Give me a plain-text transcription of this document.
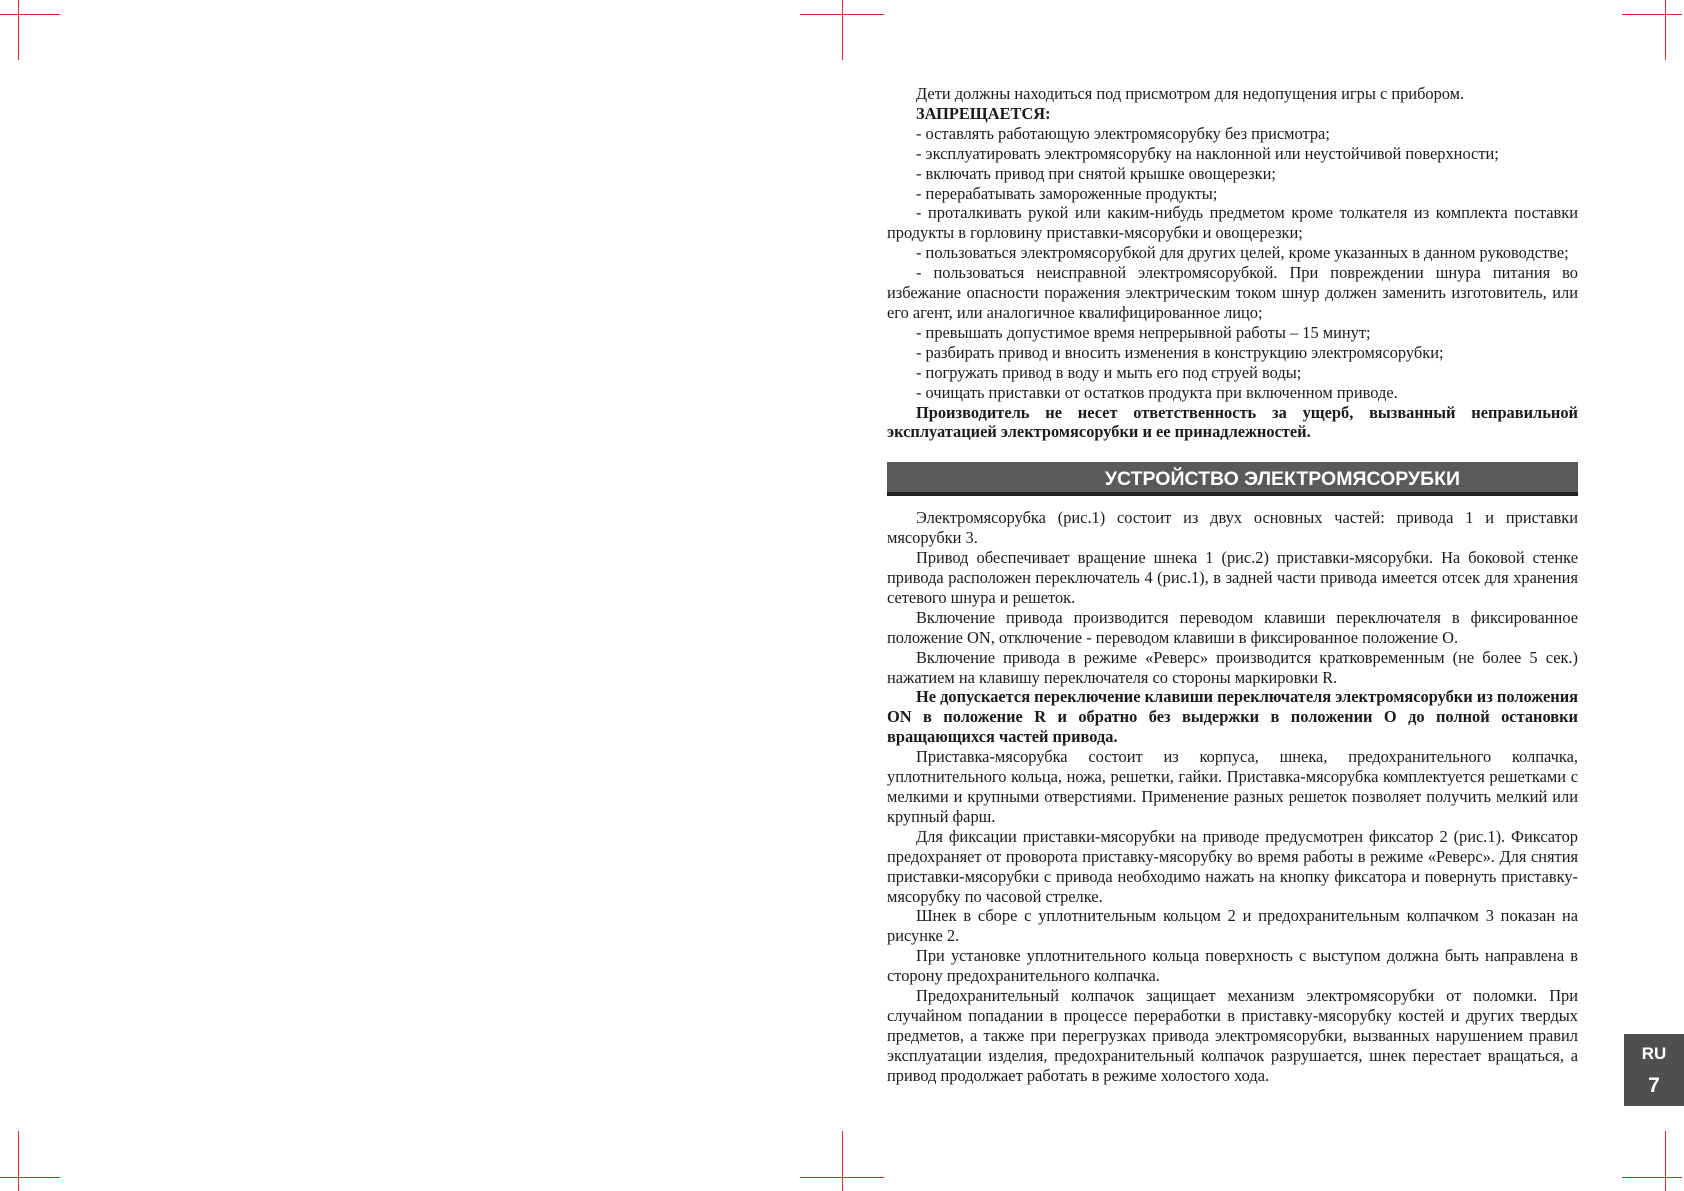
Дети должны находиться под присмотром для недопущения игры с прибором.

ЗАПРЕЩАЕТСЯ:

- оставлять работающую электромясорубку без присмотра;

- эксплуатировать электромясорубку на наклонной или неустойчивой поверхности;

- включать привод при снятой крышке овощерезки;

- перерабатывать замороженные продукты;

- проталкивать рукой или каким-нибудь предметом кроме толкателя из комплекта поставки продукты в горловину приставки-мясорубки и овощерезки;

- пользоваться электромясорубкой для других целей, кроме указанных в данном руководстве;

- пользоваться неисправной электромясорубкой. При повреждении шнура питания во избежание опасности поражения электрическим током шнур должен заменить изготовитель, или его агент, или аналогичное квалифицированное лицо;

- превышать допустимое время непрерывной работы – 15 минут;

- разбирать привод и вносить изменения в конструкцию электромясорубки;

- погружать привод в воду и мыть его под струей воды;

- очищать приставки от остатков продукта при включенном приводе.

Производитель не несет ответственность за ущерб, вызванный неправильной эксплуатацией электромясорубки и ее принадлежностей.

УСТРОЙСТВО ЭЛЕКТРОМЯСОРУБКИ

Электромясорубка (рис.1) состоит из двух основных частей: привода 1 и приставки мясорубки 3.

Привод обеспечивает вращение шнека 1 (рис.2) приставки-мясорубки. На боковой стенке привода расположен переключатель 4 (рис.1), в задней части привода имеется отсек для хранения сетевого шнура и решеток.

Включение привода производится переводом клавиши переключателя в фиксированное положение ON, отключение - переводом клавиши в фиксированное положение O.

Включение привода в режиме «Реверс» производится кратковременным (не более 5 сек.) нажатием на клавишу переключателя со стороны маркировки R.

Не допускается переключение клавиши переключателя электромясорубки из положения ON в положение R и обратно без выдержки в положении O до полной остановки вращающихся частей привода.

Приставка-мясорубка состоит из корпуса, шнека, предохранительного колпачка, уплотнительного кольца, ножа, решетки, гайки. Приставка-мясорубка комплектуется решетками с мелкими и крупными отверстиями. Применение разных решеток позволяет получить мелкий или крупный фарш.

Для фиксации приставки-мясорубки на приводе предусмотрен фиксатор 2 (рис.1). Фиксатор предохраняет от проворота приставку-мясорубку во время работы в режиме «Реверс». Для снятия приставки-мясорубки с привода необходимо нажать на кнопку фиксатора и повернуть приставку-мясорубку по часовой стрелке.

Шнек в сборе с уплотнительным кольцом 2 и предохранительным колпачком 3 показан на рисунке 2.

При установке уплотнительного кольца поверхность с выступом должна быть направлена в сторону предохранительного колпачка.

Предохранительный колпачок защищает механизм электромясорубки от поломки. При случайном попадании в процессе переработки в приставку-мясорубку костей и других твердых предметов, а также при перегрузках привода электромясорубки, вызванных нарушением правил эксплуатации изделия, предохранительный колпачок разрушается, шнек перестает вращаться, а привод продолжает работать в режиме холостого хода.

RU
7
